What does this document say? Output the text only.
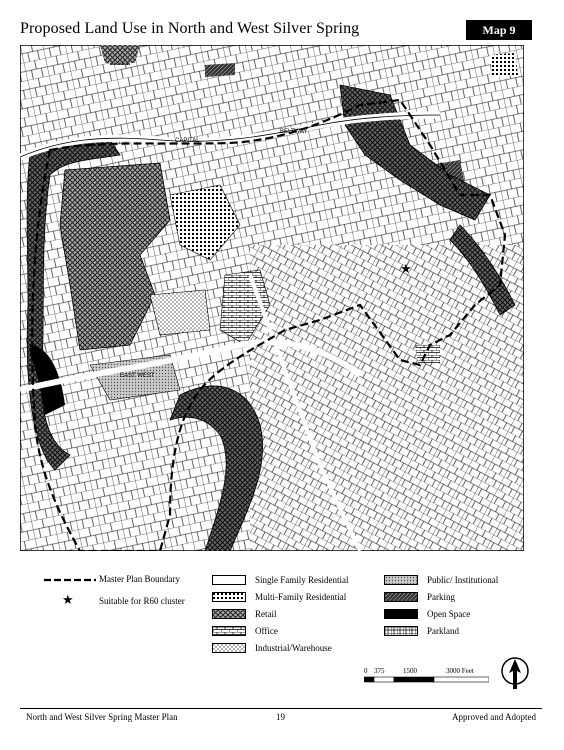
Proposed Land Use in North and West Silver Spring	Map 9
CAPITAL
BELTWAY
EAST WEST
★
Master Plan Boundary
★	Suitable for R60 cluster
Single Family Residential
Multi-Family Residential
Retail
Office
Industrial/Warehouse
Public/ Institutional
Parking
Open Space
Parkland
0 375	1500	3000 Feet
North and West Silver Spring Master Plan	19	Approved and Adopted
